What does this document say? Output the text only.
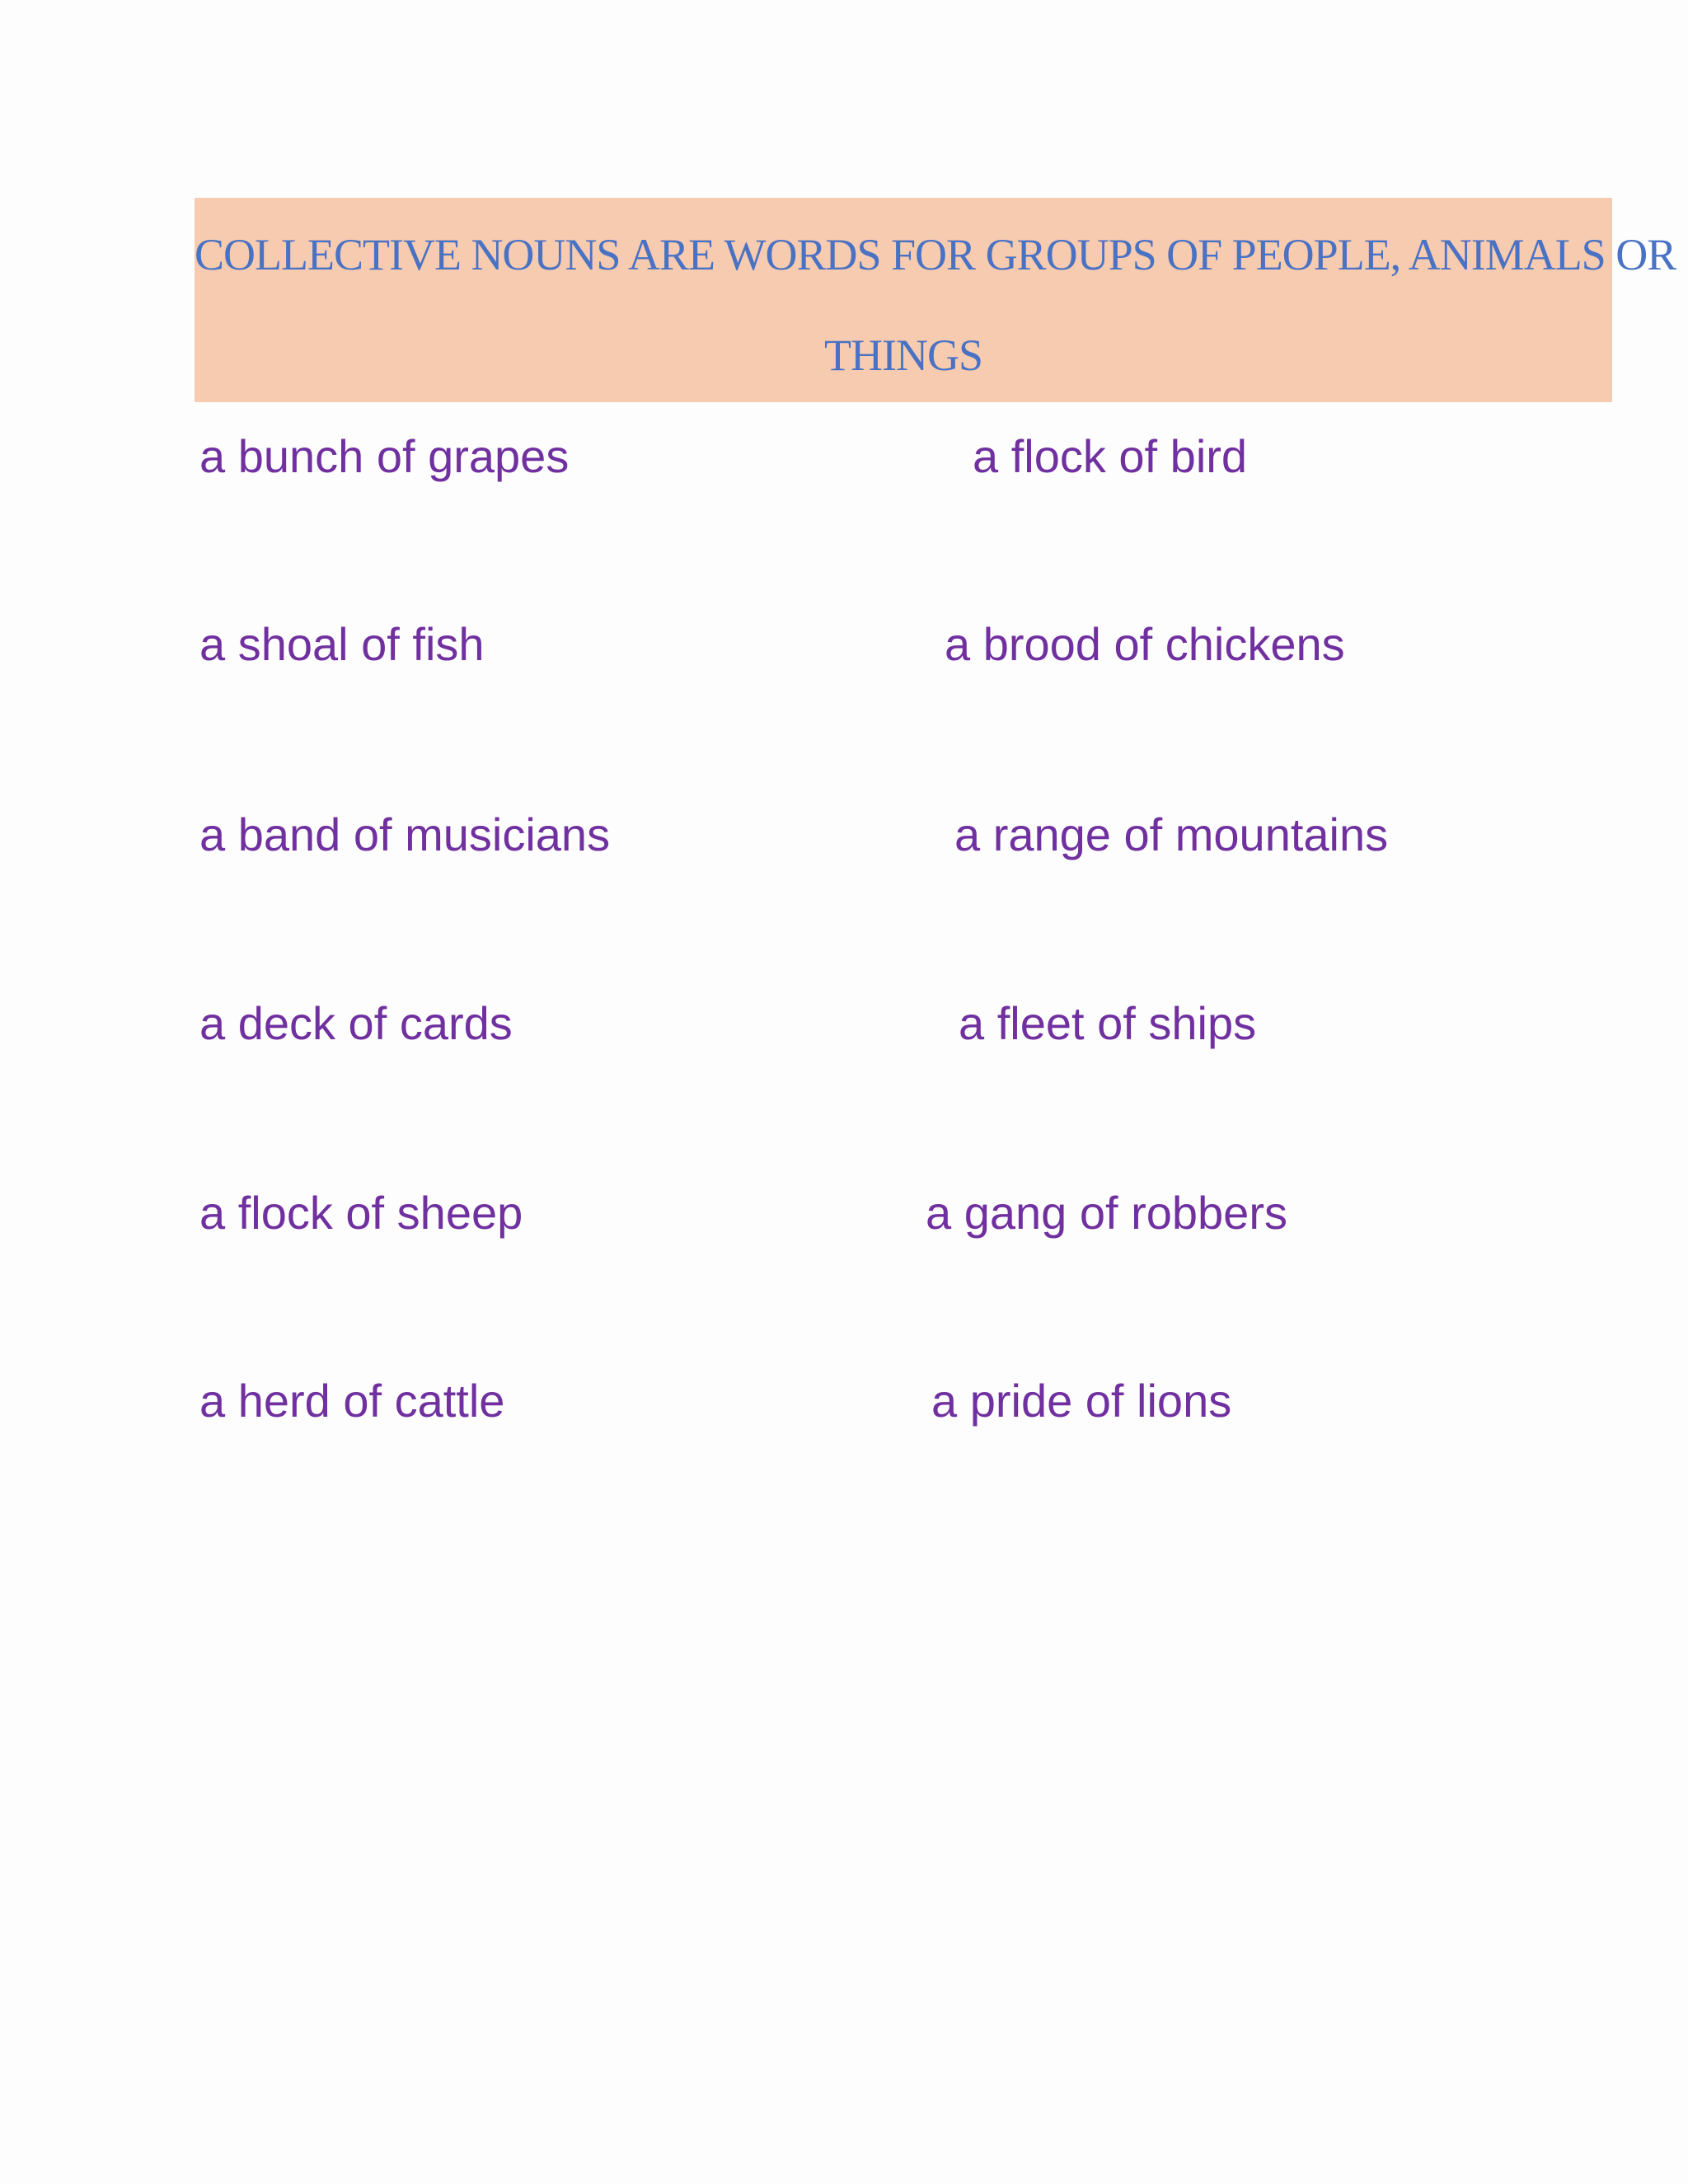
COLLECTIVE NOUNS ARE WORDS FOR GROUPS OF PEOPLE, ANIMALS OR
THINGS
a bunch of grapes	a flock of bird
a shoal of fish	a brood of chickens
a band of musicians	a range of mountains
a deck of cards	a fleet of ships
a flock of sheep	a gang of robbers
a herd of cattle	a pride of lions
